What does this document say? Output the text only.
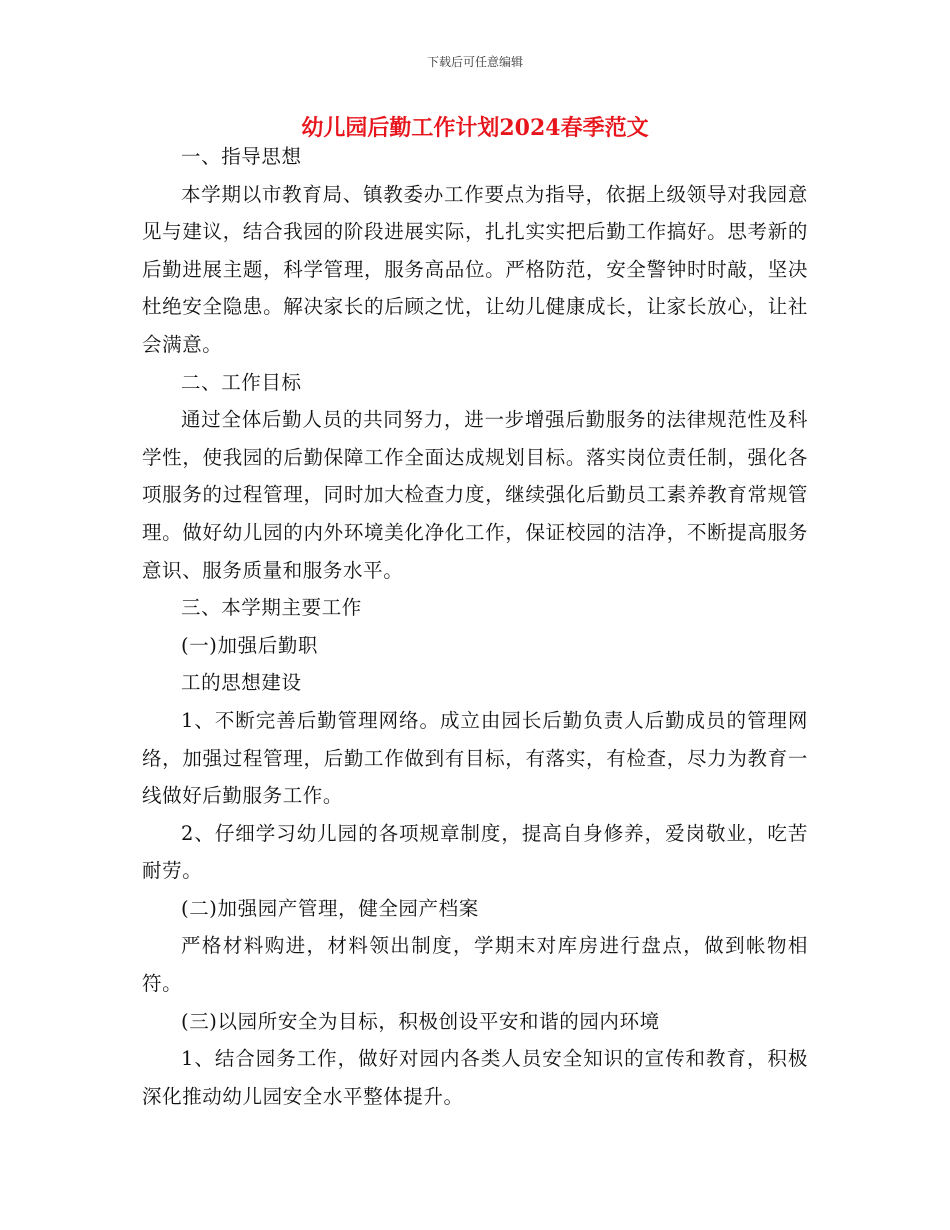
下载后可任意编辑
幼儿园后勤工作计划2024春季范文

一、指导思想

本学期以市教育局、镇教委办工作要点为指导，依据上级领导对我园意见与建议，结合我园的阶段进展实际，扎扎实实把后勤工作搞好。思考新的后勤进展主题，科学管理，服务高品位。严格防范，安全警钟时时敲，坚决杜绝安全隐患。解决家长的后顾之忧，让幼儿健康成长，让家长放心，让社会满意。

二、工作目标

通过全体后勤人员的共同努力，进一步增强后勤服务的法律规范性及科学性，使我园的后勤保障工作全面达成规划目标。落实岗位责任制，强化各项服务的过程管理，同时加大检查力度，继续强化后勤员工素养教育常规管理。做好幼儿园的内外环境美化净化工作，保证校园的洁净，不断提高服务意识、服务质量和服务水平。

三、本学期主要工作

(一)加强后勤职

工的思想建设

1、不断完善后勤管理网络。成立由园长后勤负责人后勤成员的管理网络，加强过程管理，后勤工作做到有目标，有落实，有检查，尽力为教育一线做好后勤服务工作。

2、仔细学习幼儿园的各项规章制度，提高自身修养，爱岗敬业，吃苦耐劳。

(二)加强园产管理，健全园产档案

严格材料购进，材料领出制度，学期末对库房进行盘点，做到帐物相符。

(三)以园所安全为目标，积极创设平安和谐的园内环境

1、结合园务工作，做好对园内各类人员安全知识的宣传和教育，积极深化推动幼儿园安全水平整体提升。
